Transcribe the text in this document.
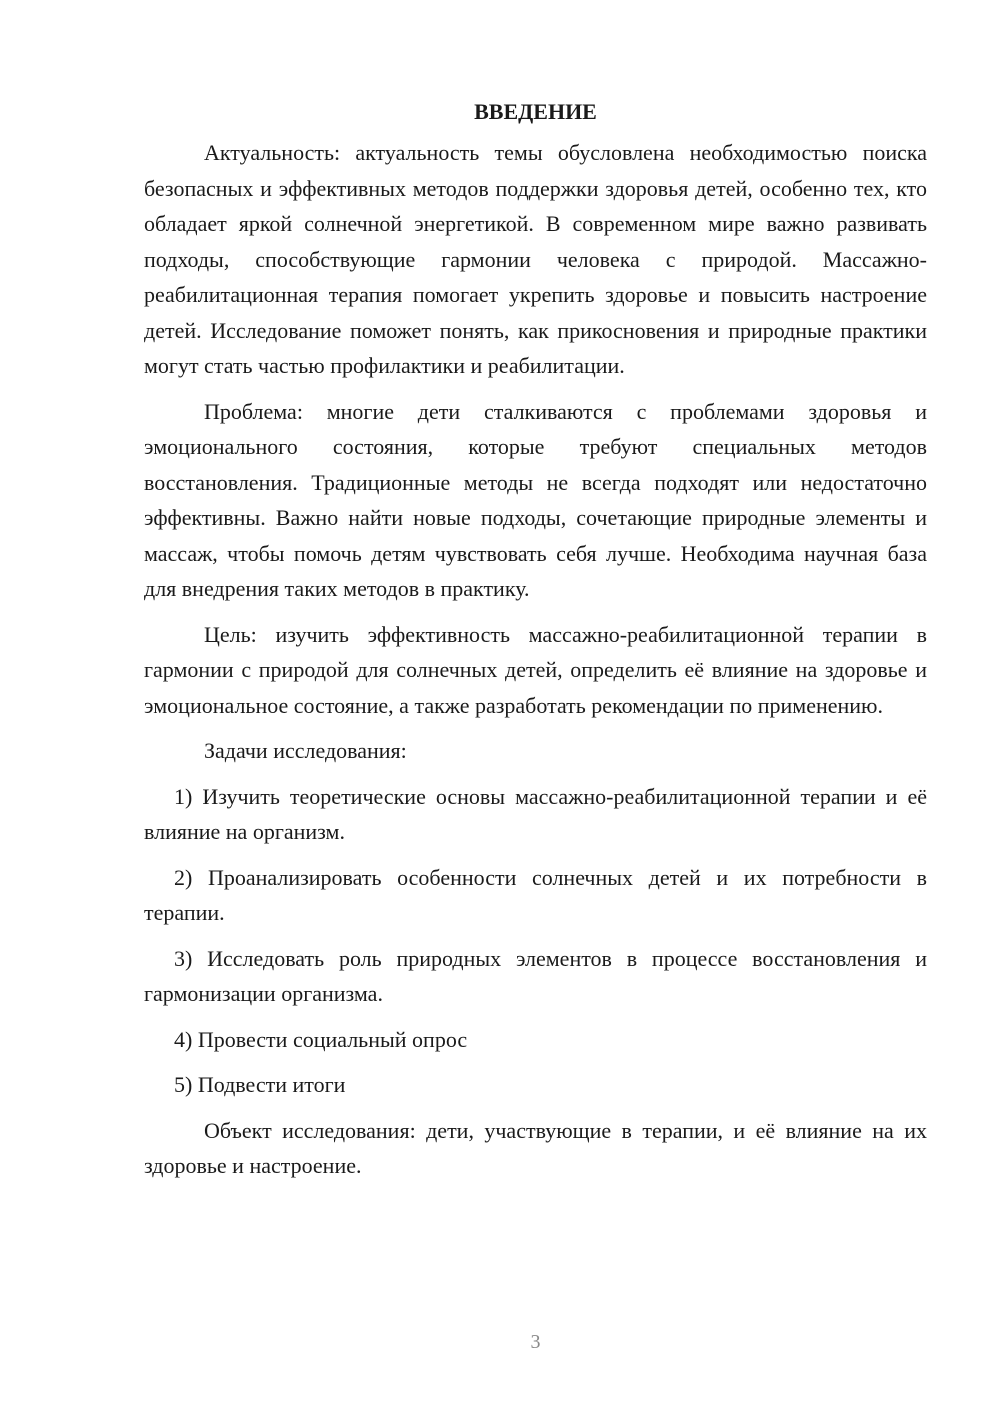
ВВЕДЕНИЕ

Актуальность: актуальность темы обусловлена необходимостью поиска безопасных и эффективных методов поддержки здоровья детей, особенно тех, кто обладает яркой солнечной энергетикой. В современном мире важно развивать подходы, способствующие гармонии человека с природой. Массажно-реабилитационная терапия помогает укрепить здоровье и повысить настроение детей. Исследование поможет понять, как прикосновения и природные практики могут стать частью профилактики и реабилитации.

Проблема: многие дети сталкиваются с проблемами здоровья и эмоционального состояния, которые требуют специальных методов восстановления. Традиционные методы не всегда подходят или недостаточно эффективны. Важно найти новые подходы, сочетающие природные элементы и массаж, чтобы помочь детям чувствовать себя лучше. Необходима научная база для внедрения таких методов в практику.

Цель: изучить эффективность массажно-реабилитационной терапии в гармонии с природой для солнечных детей, определить её влияние на здоровье и эмоциональное состояние, а также разработать рекомендации по применению.

Задачи исследования:

1) Изучить теоретические основы массажно-реабилитационной терапии и её влияние на организм.

2) Проанализировать особенности солнечных детей и их потребности в терапии.

3) Исследовать роль природных элементов в процессе восстановления и гармонизации организма.

4) Провести социальный опрос

5) Подвести итоги

Объект исследования: дети, участвующие в терапии, и её влияние на их здоровье и настроение.

3
